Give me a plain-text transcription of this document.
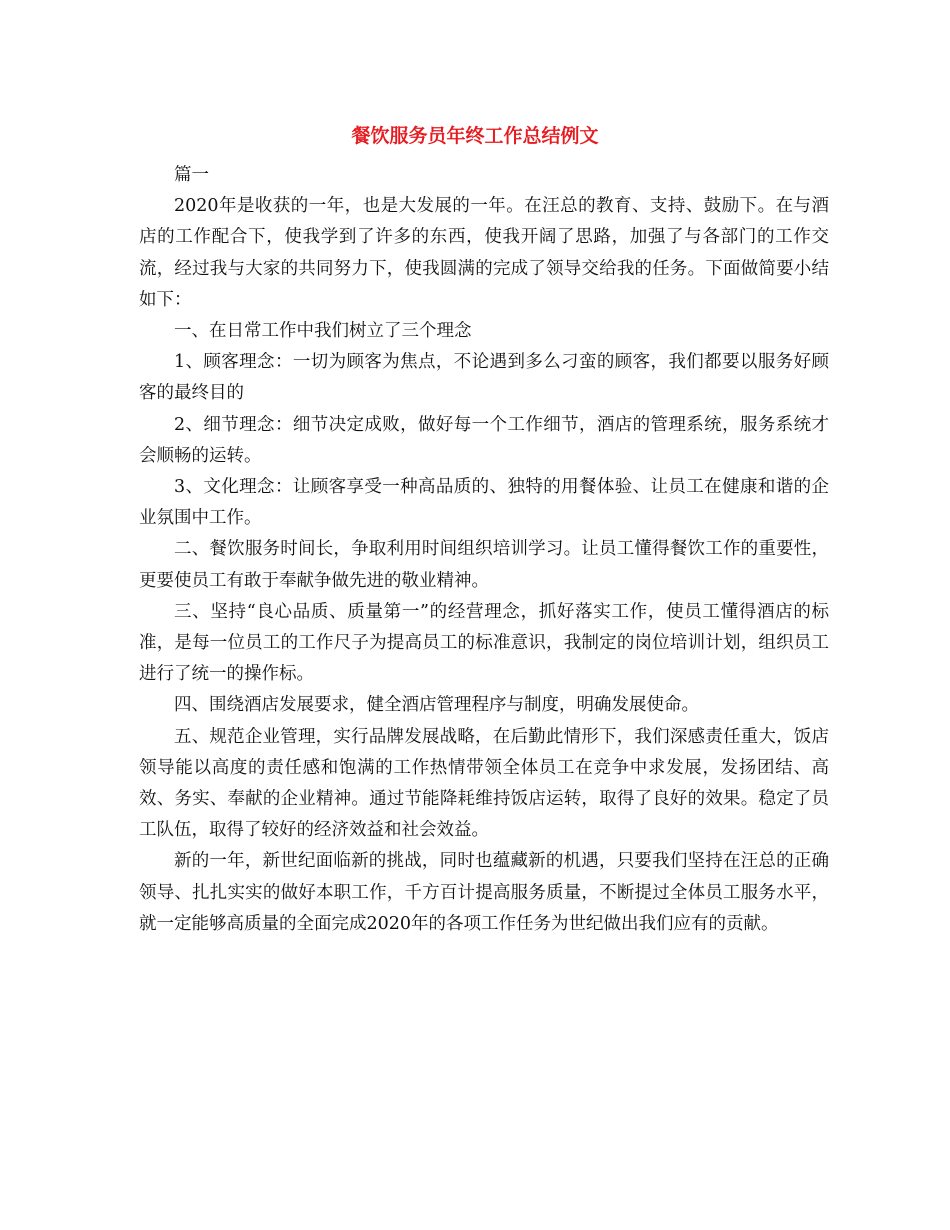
餐饮服务员年终工作总结例文

篇一

2020年是收获的一年，也是大发展的一年。在汪总的教育、支持、鼓励下。在与酒店的工作配合下，使我学到了许多的东西，使我开阔了思路，加强了与各部门的工作交流，经过我与大家的共同努力下，使我圆满的完成了领导交给我的任务。下面做简要小结如下：

一、在日常工作中我们树立了三个理念

1、顾客理念：一切为顾客为焦点，不论遇到多么刁蛮的顾客，我们都要以服务好顾客的最终目的

2、细节理念：细节决定成败，做好每一个工作细节，酒店的管理系统，服务系统才会顺畅的运转。

3、文化理念：让顾客享受一种高品质的、独特的用餐体验、让员工在健康和谐的企业氛围中工作。

二、餐饮服务时间长，争取利用时间组织培训学习。让员工懂得餐饮工作的重要性，更要使员工有敢于奉献争做先进的敬业精神。

三、坚持“良心品质、质量第一”的经营理念，抓好落实工作，使员工懂得酒店的标准，是每一位员工的工作尺子为提高员工的标准意识，我制定的岗位培训计划，组织员工进行了统一的操作标。

四、围绕酒店发展要求，健全酒店管理程序与制度，明确发展使命。

五、规范企业管理，实行品牌发展战略，在后勤此情形下，我们深感责任重大，饭店领导能以高度的责任感和饱满的工作热情带领全体员工在竞争中求发展，发扬团结、高效、务实、奉献的企业精神。通过节能降耗维持饭店运转，取得了良好的效果。稳定了员工队伍，取得了较好的经济效益和社会效益。

新的一年，新世纪面临新的挑战，同时也蕴藏新的机遇，只要我们坚持在汪总的正确领导、扎扎实实的做好本职工作，千方百计提高服务质量，不断提过全体员工服务水平，就一定能够高质量的全面完成2020年的各项工作任务为世纪做出我们应有的贡献。
